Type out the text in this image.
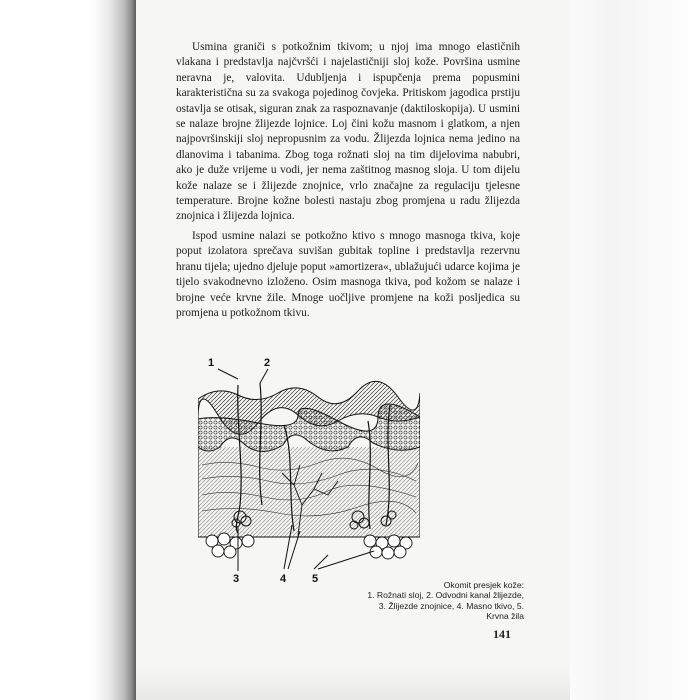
Usmina graniči s potkožnim tkivom; u njoj ima mnogo elastičnih vlakana i predstavlja najčvršći i najelastičniji sloj kože. Površina usmine neravna je, valovita. Udubljenja i ispupčenja prema popusmini karakteristična su za svakoga pojedinog čovjeka. Pritiskom jagodica prstiju ostavlja se otisak, siguran znak za raspoznavanje (daktiloskopija). U usmini se nalaze brojne žlijezde lojnice. Loj čini kožu masnom i glatkom, a njen najpovršinskiji sloj nepropusnim za vodu. Žlijezda lojnica nema jedino na dlanovima i tabanima. Zbog toga rožnati sloj na tim dijelovima nabubri, ako je duže vrijeme u vodi, jer nema zaštitnog masnog sloja. U tom dijelu kože nalaze se i žlijezde znojnice, vrlo značajne za regulaciju tjelesne temperature. Brojne kožne bolesti nastaju zbog promjena u radu žlijezda znojnica i žlijezda lojnica.

Ispod usmine nalazi se potkožno ktivo s mnogo masnoga tkiva, koje poput izolatora sprečava suvišan gubitak topline i predstavlja rezervnu hranu tijela; ujedno djeluje poput »amortizera«, ublažujući udarce kojima je tijelo svakodnevno izloženo. Osim masnoga tkiva, pod kožom se nalaze i brojne veće krvne žile. Mnoge uočljive promjene na koži posljedica su promjena u potkožnom tkivu.

1	2
3	4 5	Okomit presjek kože:
1. Rožnati sloj, 2. Odvodni kanal žlijezde, 3. Žlijezde znojnice, 4. Masno tkivo, 5. Krvna žila
141
